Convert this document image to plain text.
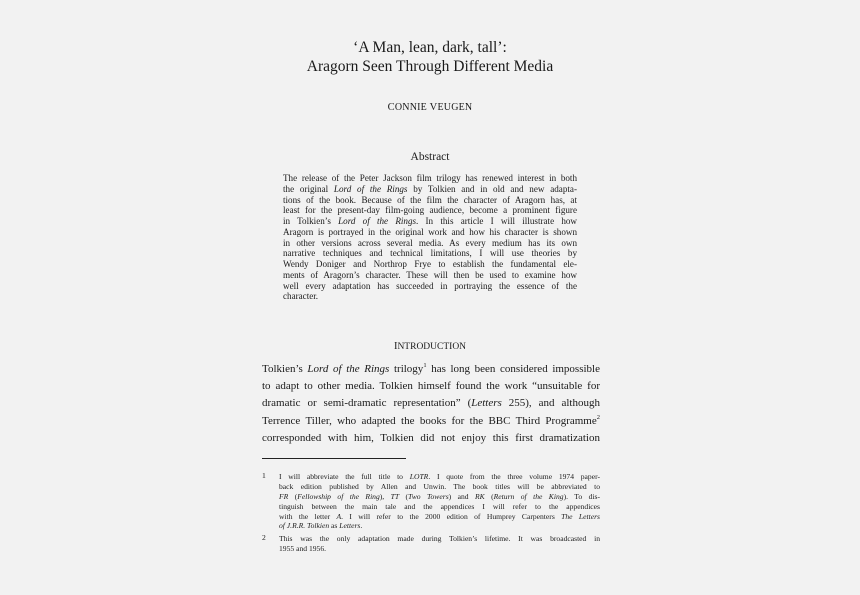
‘A Man, lean, dark, tall’:
Aragorn Seen Through Different Media
CONNIE VEUGEN
Abstract
The release of the Peter Jackson film trilogy has renewed interest in both
the original Lord of the Rings by Tolkien and in old and new adapta-
tions of the book. Because of the film the character of Aragorn has, at
least for the present-day film-going audience, become a prominent figure
in Tolkien’s Lord of the Rings. In this article I will illustrate how
Aragorn is portrayed in the original work and how his character is shown
in other versions across several media. As every medium has its own
narrative techniques and technical limitations, I will use theories by
Wendy Doniger and Northrop Frye to establish the fundamental ele-
ments of Aragorn’s character. These will then be used to examine how
well every adaptation has succeeded in portraying the essence of the
character.
INTRODUCTION
Tolkien’s Lord of the Rings trilogy$^1$ has long been considered impossible
to adapt to other media. Tolkien himself found the work “unsuitable for
dramatic or semi-dramatic representation” (Letters 255), and although
Terrence Tiller, who adapted the books for the BBC Third Programme$^2$
corresponded with him, Tolkien did not enjoy this first dramatization
1 I will abbreviate the full title to LOTR. I quote from the three volume 1974 paper-
back edition published by Allen and Unwin. The book titles will be abbreviated to
FR (Fellowship of the Ring), TT (Two Towers) and RK (Return of the King). To dis-
tinguish between the main tale and the appendices I will refer to the appendices
with the letter A. I will refer to the 2000 edition of Humprey Carpenters The Letters
of J.R.R. Tolkien as Letters.
2 This was the only adaptation made during Tolkien’s lifetime. It was broadcasted in
1955 and 1956.
